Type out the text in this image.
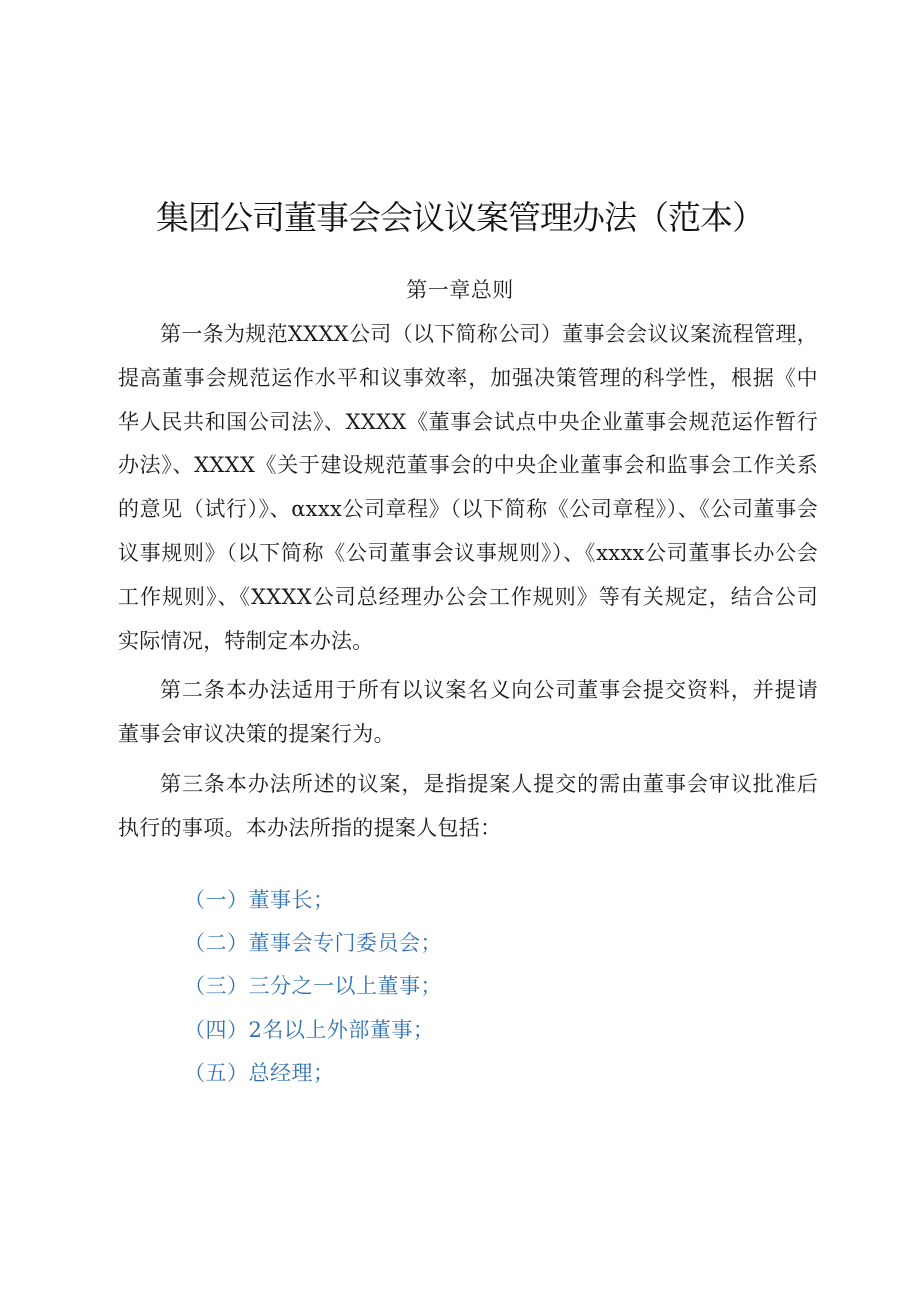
集团公司董事会会议议案管理办法（范本）
第一章总则

第一条为规范XXXX公司（以下简称公司）董事会会议议案流程管理，提高董事会规范运作水平和议事效率，加强决策管理的科学性，根据《中华人民共和国公司法》、XXXX《董事会试点中央企业董事会规范运作暂行办法》、XXXX《关于建设规范董事会的中央企业董事会和监事会工作关系的意见（试行）》、αxxx公司章程》（以下简称《公司章程》）、《公司董事会议事规则》（以下简称《公司董事会议事规则》）、《xxxx公司董事长办公会工作规则》、《XXXX公司总经理办公会工作规则》等有关规定，结合公司实际情况，特制定本办法。

第二条本办法适用于所有以议案名义向公司董事会提交资料，并提请董事会审议决策的提案行为。

第三条本办法所述的议案，是指提案人提交的需由董事会审议批准后执行的事项。本办法所指的提案人包括：

（一）董事长；
（二）董事会专门委员会；
（三）三分之一以上董事；
（四）2名以上外部董事；
（五）总经理；
